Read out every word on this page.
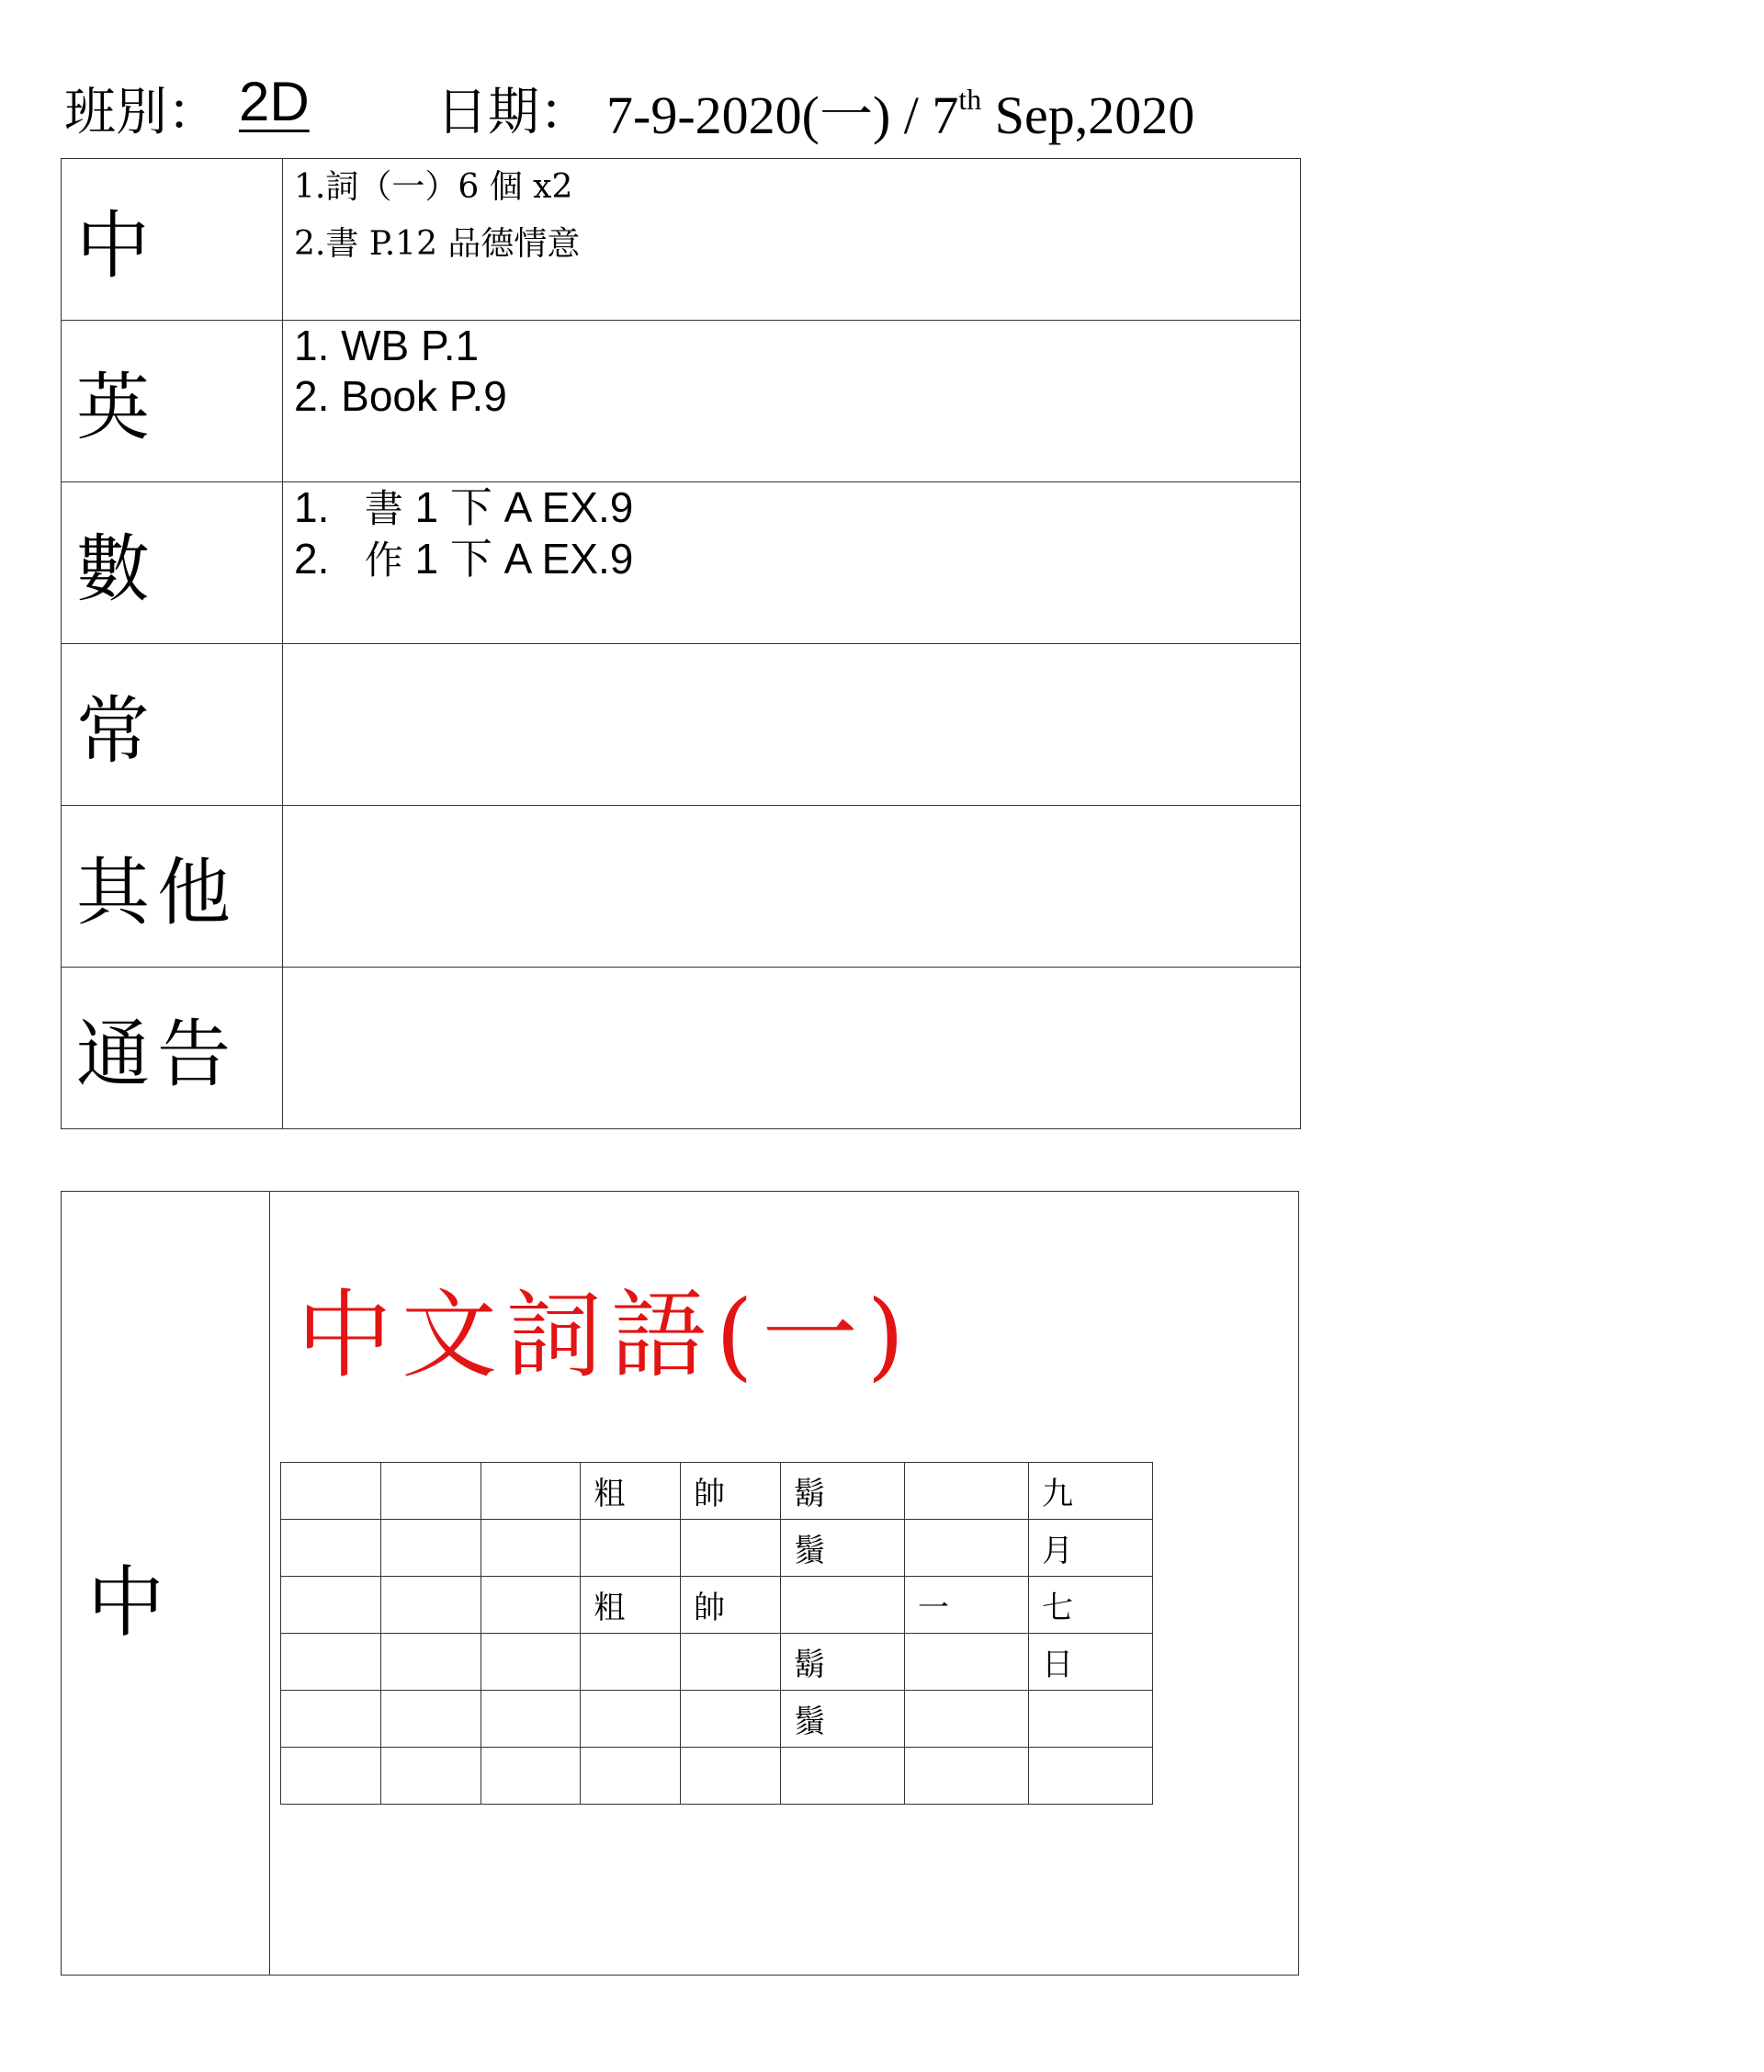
班別： 2D 日期： 7-9-2020(一) / 7th Sep,2020
中	1.詞（一）6 個 x2
2.書 P.12 品德情意

英	1. WB P.1
2. Book P.9

數	1. 書 1 下 A EX.9
2. 作 1 下 A EX.9

常	
其他	
通告	
中
中文詞語(一)
			粗	帥	鬍		九
					鬚		月
			粗	帥		一	七
					鬍		日
					鬚		
